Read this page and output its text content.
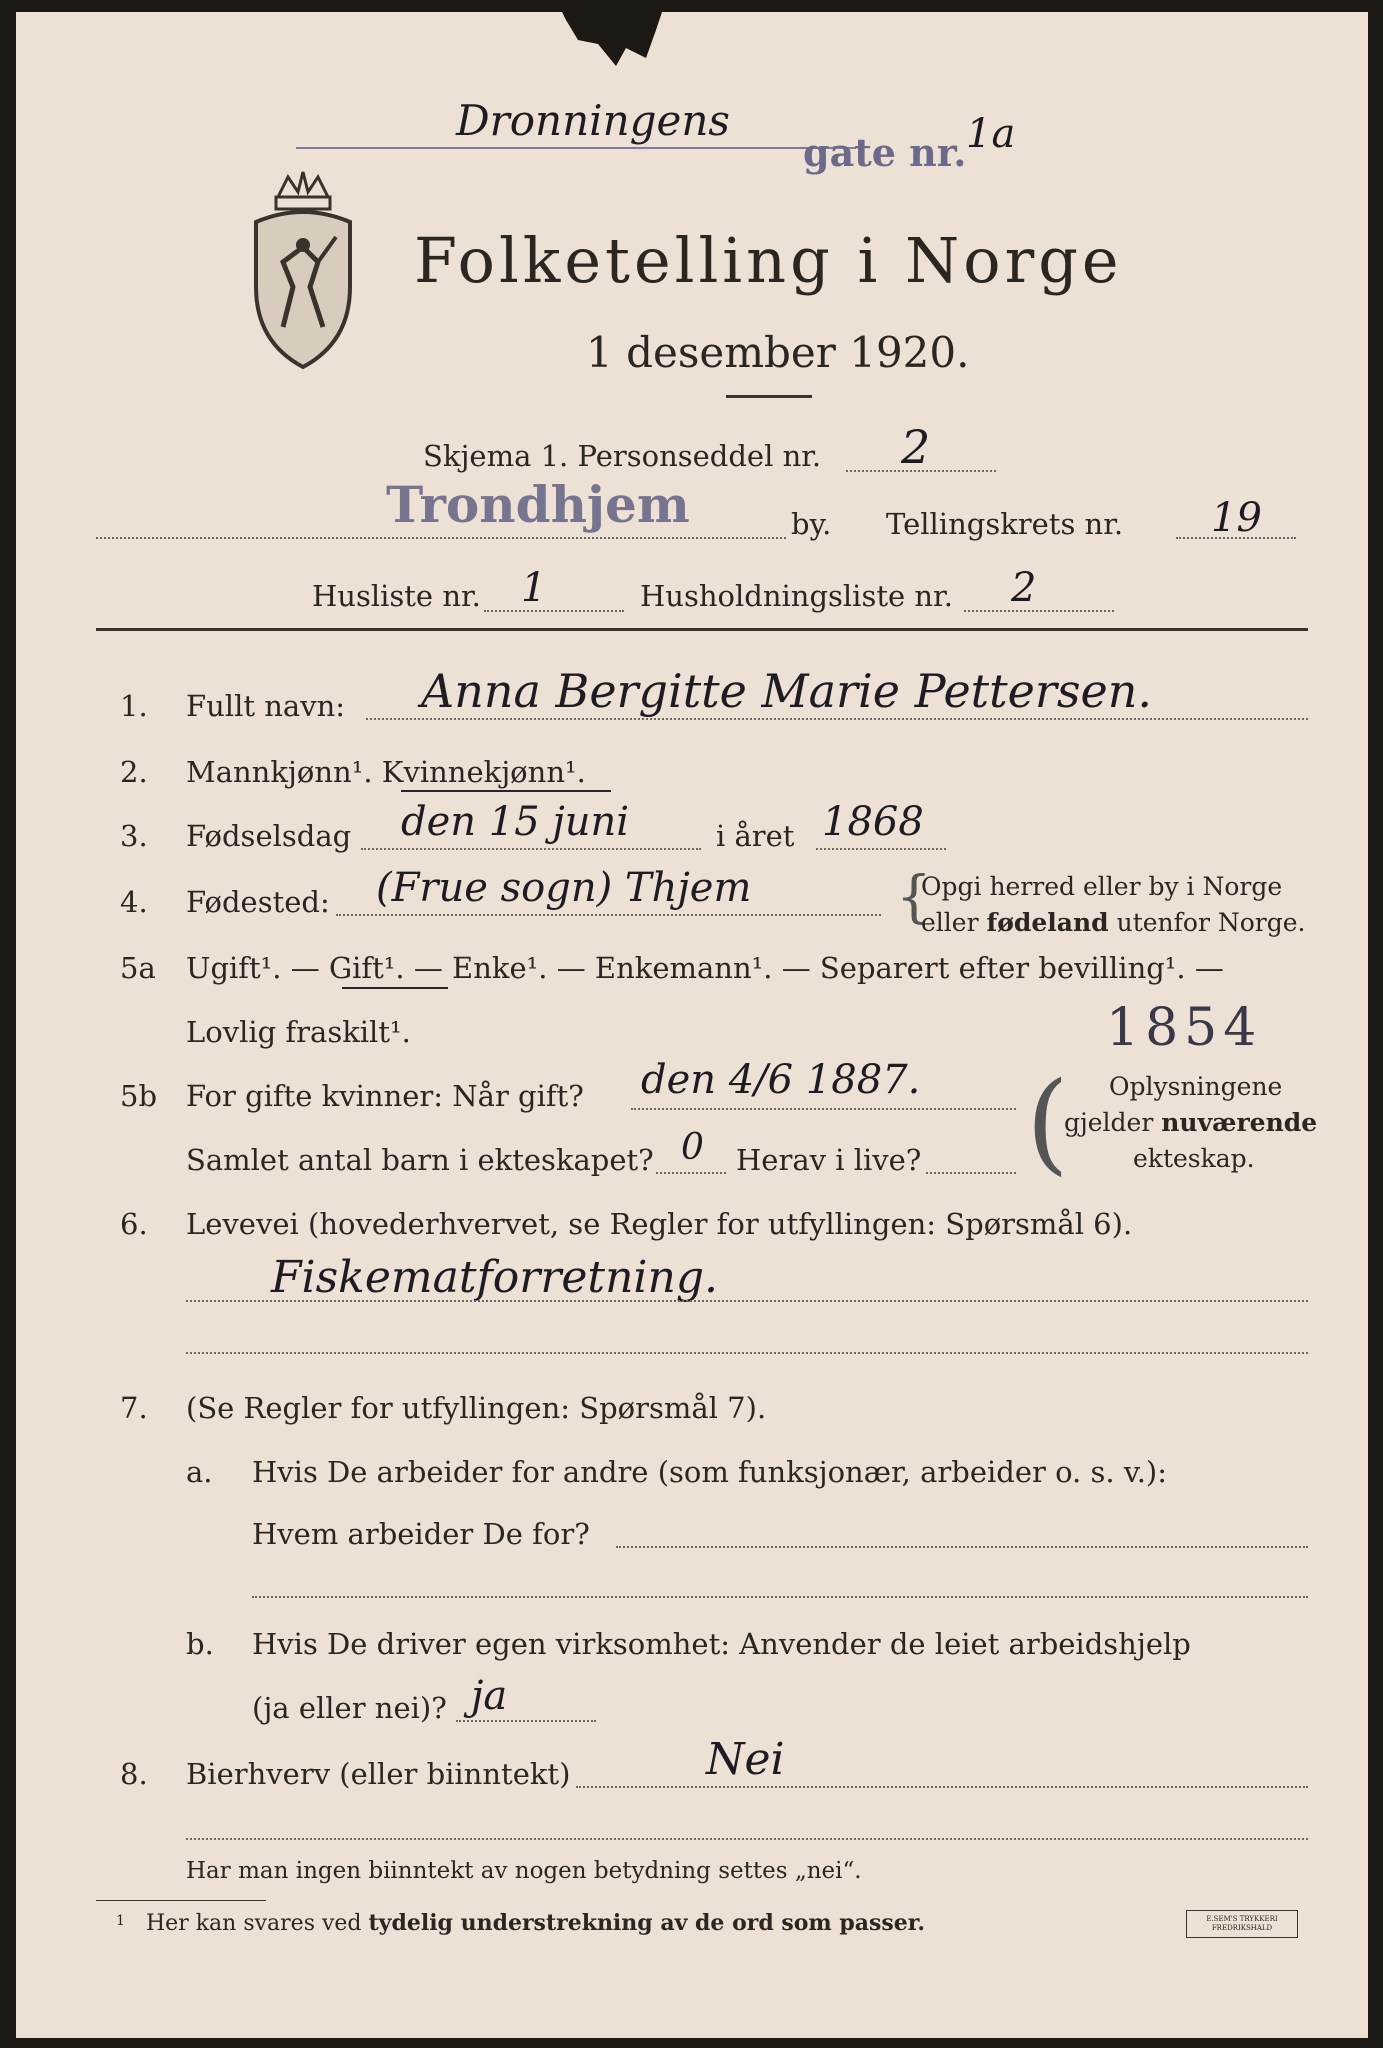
Dronningens
gate nr. 1a
Folketelling i Norge
1 desember 1920.
Skjema 1. Personseddel nr. 2
Trondhjem	by. Tellingskrets nr. 19
Husliste nr. 1	Husholdningsliste nr. 2
1. Fullt navn: Anna Bergitte Marie Pettersen.
2. Mannkjønn¹. Kvinnekjønn¹.
3. Fødselsdag den 15 juni	i året 1868
4. Fødested: (Frue sogn) Thjem	{
Opgi herred eller by i Norge
eller fødeland utenfor Norge.
5a Ugift¹. — Gift¹. — Enke¹. — Enkemann¹. — Separert efter bevilling¹. —
Lovlig fraskilt¹.	1854
5b For gifte kvinner: Når gift? den 4/6 1887.
Samlet antal barn i ekteskapet? 0 Herav i live? ( Oplysningene
gjelder nuværende
ekteskap.
6. Levevei (hovederhvervet, se Regler for utfyllingen: Spørsmål 6).
Fiskematforretning.
7. (Se Regler for utfyllingen: Spørsmål 7).
a. Hvis De arbeider for andre (som funksjonær, arbeider o. s. v.):
Hvem arbeider De for?
b. Hvis De driver egen virksomhet: Anvender de leiet arbeidshjelp
(ja eller nei)? ja
8. Bierhverv (eller biinntekt)	Nei
Har man ingen biinntekt av nogen betydning settes „nei“.
1 Her kan svares ved tydelig understrekning av de ord som passer.	E.SEM'S TRYKKERI
FREDRIKSHALD
